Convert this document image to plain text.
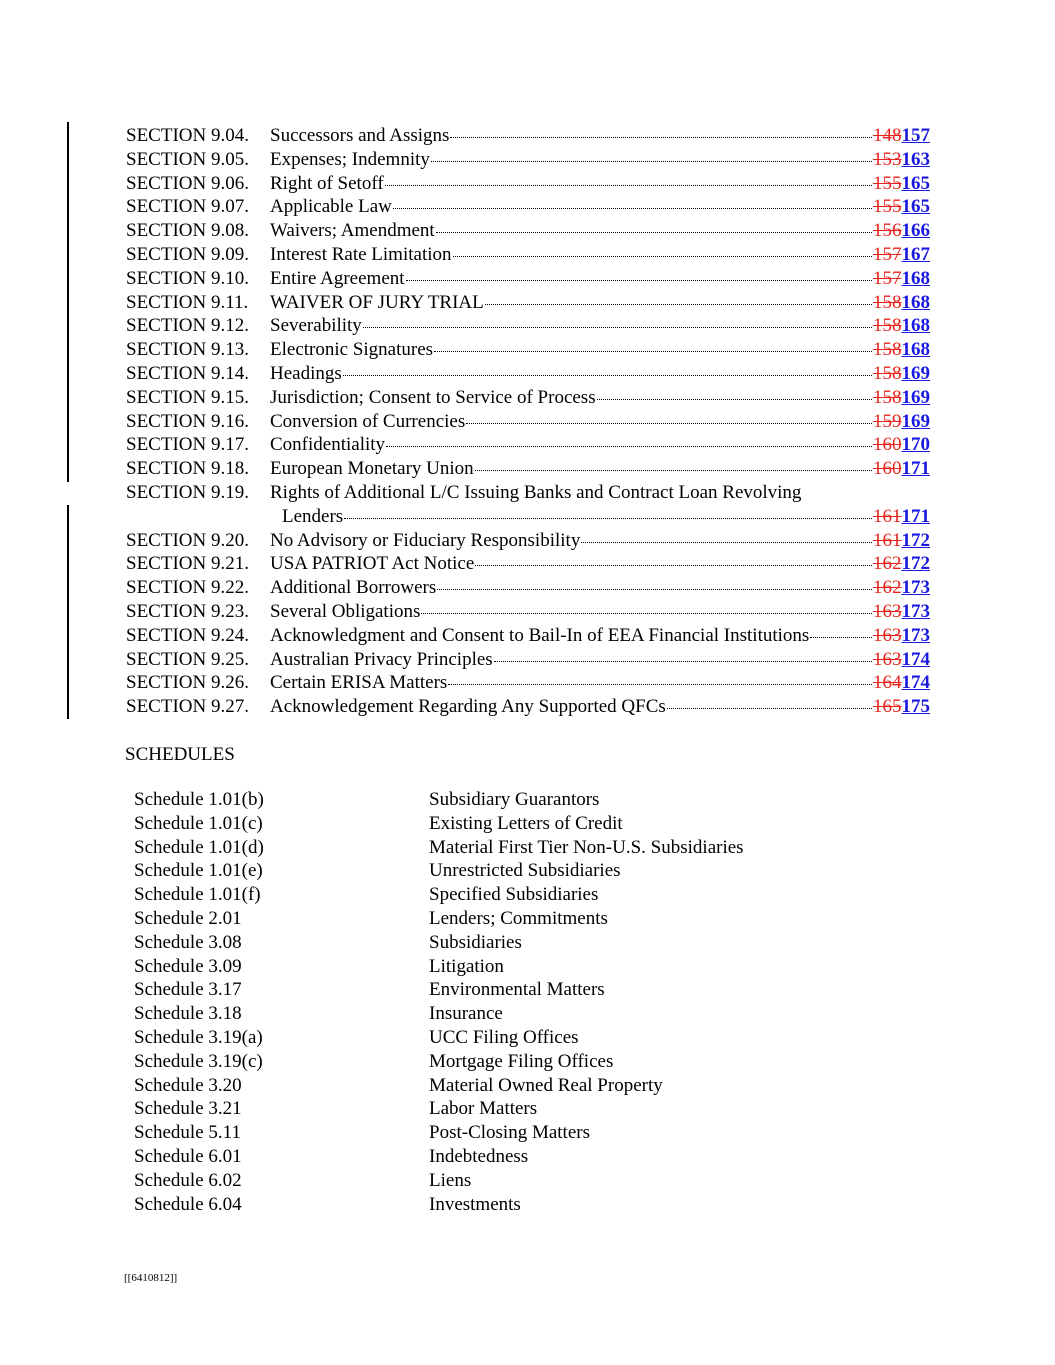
SECTION 9.04.	Successors and Assigns	148157
SECTION 9.05.	Expenses; Indemnity	153163
SECTION 9.06.	Right of Setoff	155165
SECTION 9.07.	Applicable Law	155165
SECTION 9.08.	Waivers; Amendment	156166
SECTION 9.09.	Interest Rate Limitation	157167
SECTION 9.10.	Entire Agreement	157168
SECTION 9.11.	WAIVER OF JURY TRIAL	158168
SECTION 9.12.	Severability	158168
SECTION 9.13.	Electronic Signatures	158168
SECTION 9.14.	Headings	158169
SECTION 9.15.	Jurisdiction; Consent to Service of Process	158169
SECTION 9.16.	Conversion of Currencies	159169
SECTION 9.17.	Confidentiality	160170
SECTION 9.18.	European Monetary Union	160171
SECTION 9.19.	Rights of Additional L/C Issuing Banks and Contract Loan Revolving
Lenders	161171
SECTION 9.20.	No Advisory or Fiduciary Responsibility	161172
SECTION 9.21.	USA PATRIOT Act Notice	162172
SECTION 9.22.	Additional Borrowers	162173
SECTION 9.23.	Several Obligations	163173
SECTION 9.24.	Acknowledgment and Consent to Bail-In of EEA Financial Institutions	163173
SECTION 9.25.	Australian Privacy Principles	163174
SECTION 9.26.	Certain ERISA Matters	164174
SECTION 9.27.	Acknowledgement Regarding Any Supported QFCs	165175
SCHEDULES
Schedule 1.01(b)	Subsidiary Guarantors
Schedule 1.01(c)	Existing Letters of Credit
Schedule 1.01(d)	Material First Tier Non-U.S. Subsidiaries
Schedule 1.01(e)	Unrestricted Subsidiaries
Schedule 1.01(f)	Specified Subsidiaries
Schedule 2.01	Lenders; Commitments
Schedule 3.08	Subsidiaries
Schedule 3.09	Litigation
Schedule 3.17	Environmental Matters
Schedule 3.18	Insurance
Schedule 3.19(a)	UCC Filing Offices
Schedule 3.19(c)	Mortgage Filing Offices
Schedule 3.20	Material Owned Real Property
Schedule 3.21	Labor Matters
Schedule 5.11	Post-Closing Matters
Schedule 6.01	Indebtedness
Schedule 6.02	Liens
Schedule 6.04	Investments
[[6410812]]
